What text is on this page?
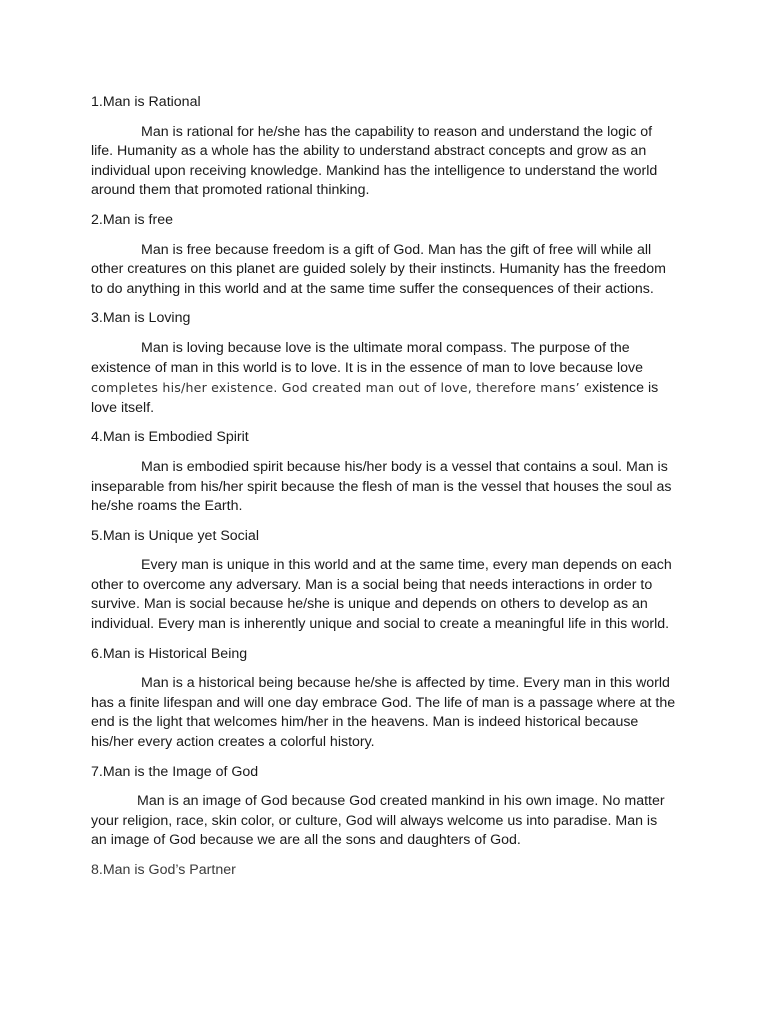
1.Man is Rational

Man is rational for he/she has the capability to reason and understand the logic of life. Humanity as a whole has the ability to understand abstract concepts and grow as an individual upon receiving knowledge. Mankind has the intelligence to understand the world around them that promoted rational thinking.

2.Man is free

Man is free because freedom is a gift of God. Man has the gift of free will while all other creatures on this planet are guided solely by their instincts. Humanity has the freedom to do anything in this world and at the same time suffer the consequences of their actions.

3.Man is Loving

Man is loving because love is the ultimate moral compass. The purpose of the existence of man in this world is to love. It is in the essence of man to love because love completes his/her existence. God created man out of love, therefore mans’ existence is love itself.

4.Man is Embodied Spirit

Man is embodied spirit because his/her body is a vessel that contains a soul. Man is inseparable from his/her spirit because the flesh of man is the vessel that houses the soul as he/she roams the Earth.

5.Man is Unique yet Social

Every man is unique in this world and at the same time, every man depends on each other to overcome any adversary. Man is a social being that needs interactions in order to survive. Man is social because he/she is unique and depends on others to develop as an individual. Every man is inherently unique and social to create a meaningful life in this world.

6.Man is Historical Being

Man is a historical being because he/she is affected by time. Every man in this world has a finite lifespan and will one day embrace God. The life of man is a passage where at the end is the light that welcomes him/her in the heavens. Man is indeed historical because his/her every action creates a colorful history.

7.Man is the Image of God

Man is an image of God because God created mankind in his own image. No matter your religion, race, skin color, or culture, God will always welcome us into paradise. Man is an image of God because we are all the sons and daughters of God.

8.Man is God’s Partner
